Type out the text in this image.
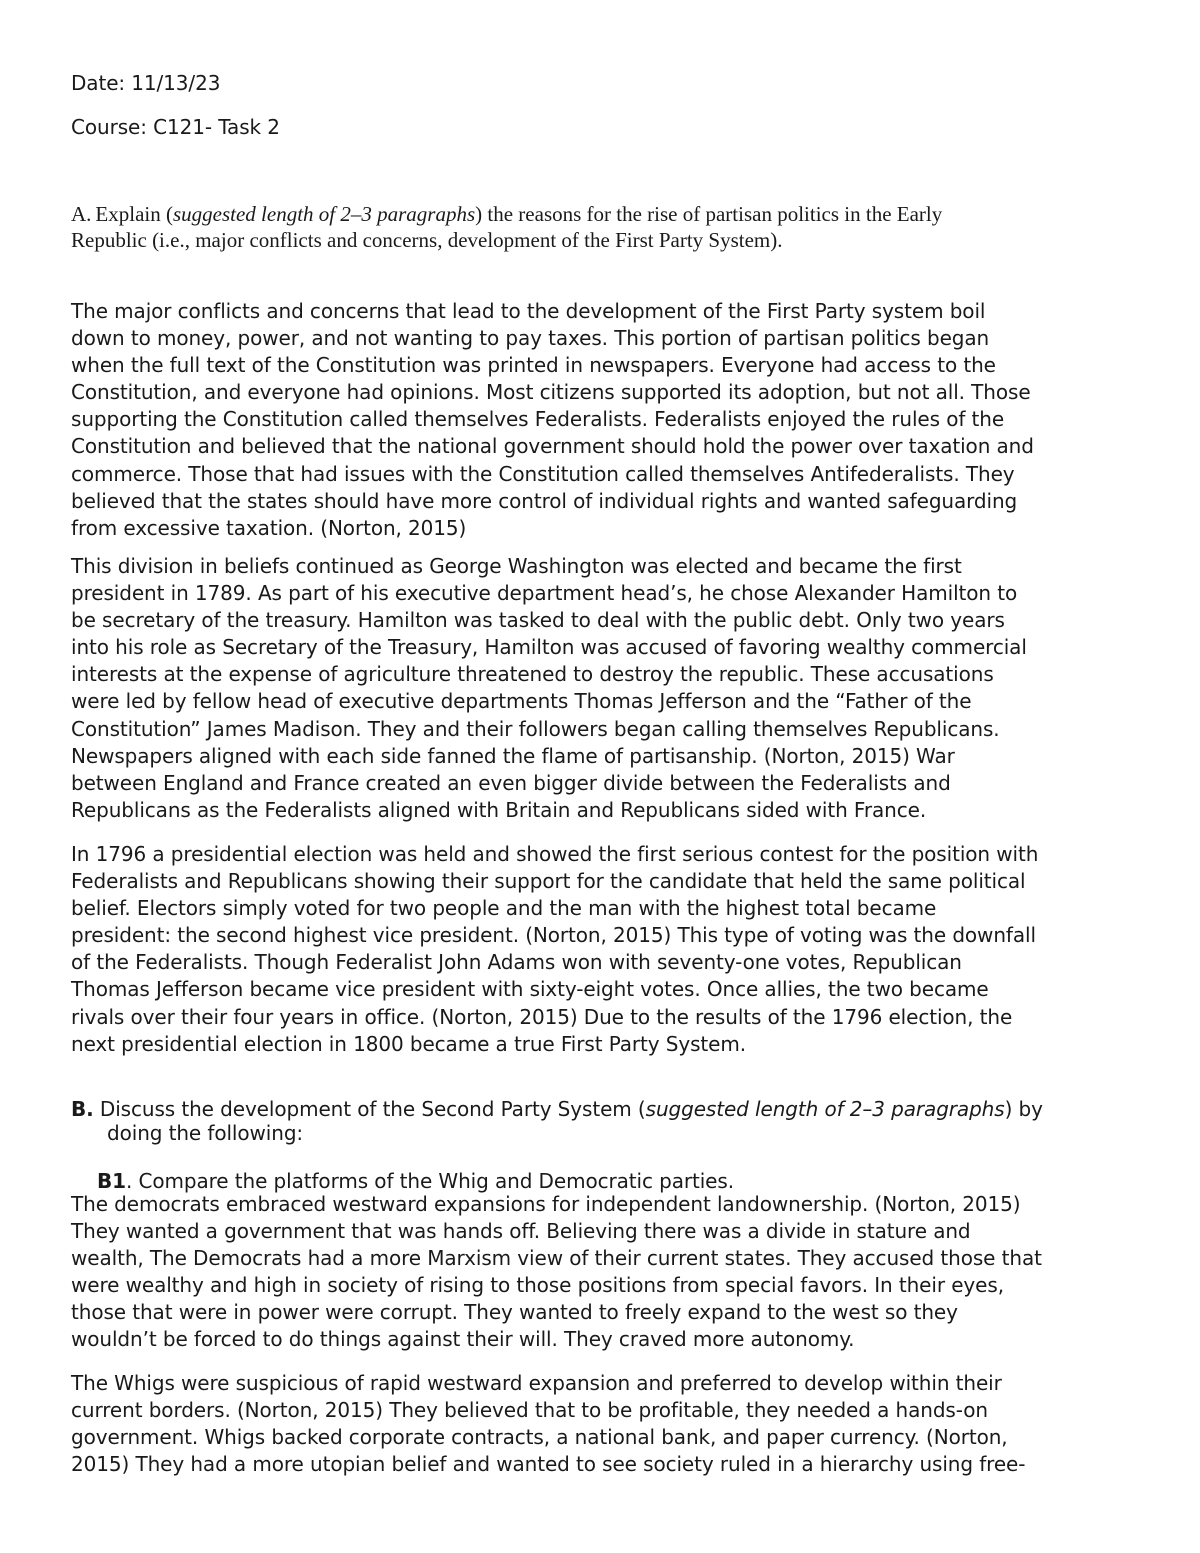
Date: 11/13/23

Course: C121- Task 2

A. Explain (suggested length of 2–3 paragraphs) the reasons for the rise of partisan politics in the Early
Republic (i.e., major conflicts and concerns, development of the First Party System).

The major conflicts and concerns that lead to the development of the First Party system boil
down to money, power, and not wanting to pay taxes. This portion of partisan politics began
when the full text of the Constitution was printed in newspapers. Everyone had access to the
Constitution, and everyone had opinions. Most citizens supported its adoption, but not all. Those
supporting the Constitution called themselves Federalists. Federalists enjoyed the rules of the
Constitution and believed that the national government should hold the power over taxation and
commerce. Those that had issues with the Constitution called themselves Antifederalists. They
believed that the states should have more control of individual rights and wanted safeguarding
from excessive taxation. (Norton, 2015)
This division in beliefs continued as George Washington was elected and became the first
president in 1789. As part of his executive department head’s, he chose Alexander Hamilton to
be secretary of the treasury. Hamilton was tasked to deal with the public debt. Only two years
into his role as Secretary of the Treasury, Hamilton was accused of favoring wealthy commercial
interests at the expense of agriculture threatened to destroy the republic. These accusations
were led by fellow head of executive departments Thomas Jefferson and the “Father of the
Constitution” James Madison. They and their followers began calling themselves Republicans.
Newspapers aligned with each side fanned the flame of partisanship. (Norton, 2015) War
between England and France created an even bigger divide between the Federalists and
Republicans as the Federalists aligned with Britain and Republicans sided with France.
In 1796 a presidential election was held and showed the first serious contest for the position with
Federalists and Republicans showing their support for the candidate that held the same political
belief. Electors simply voted for two people and the man with the highest total became
president: the second highest vice president. (Norton, 2015) This type of voting was the downfall
of the Federalists. Though Federalist John Adams won with seventy-one votes, Republican
Thomas Jefferson became vice president with sixty-eight votes. Once allies, the two became
rivals over their four years in office. (Norton, 2015) Due to the results of the 1796 election, the
next presidential election in 1800 became a true First Party System.

B. Discuss the development of the Second Party System (suggested length of 2–3 paragraphs) by
doing the following:

B1. Compare the platforms of the Whig and Democratic parties.

The democrats embraced westward expansions for independent landownership. (Norton, 2015)
They wanted a government that was hands off. Believing there was a divide in stature and
wealth, The Democrats had a more Marxism view of their current states. They accused those that
were wealthy and high in society of rising to those positions from special favors. In their eyes,
those that were in power were corrupt. They wanted to freely expand to the west so they
wouldn’t be forced to do things against their will. They craved more autonomy.
The Whigs were suspicious of rapid westward expansion and preferred to develop within their
current borders. (Norton, 2015) They believed that to be profitable, they needed a hands-on
government. Whigs backed corporate contracts, a national bank, and paper currency. (Norton,
2015) They had a more utopian belief and wanted to see society ruled in a hierarchy using free-
